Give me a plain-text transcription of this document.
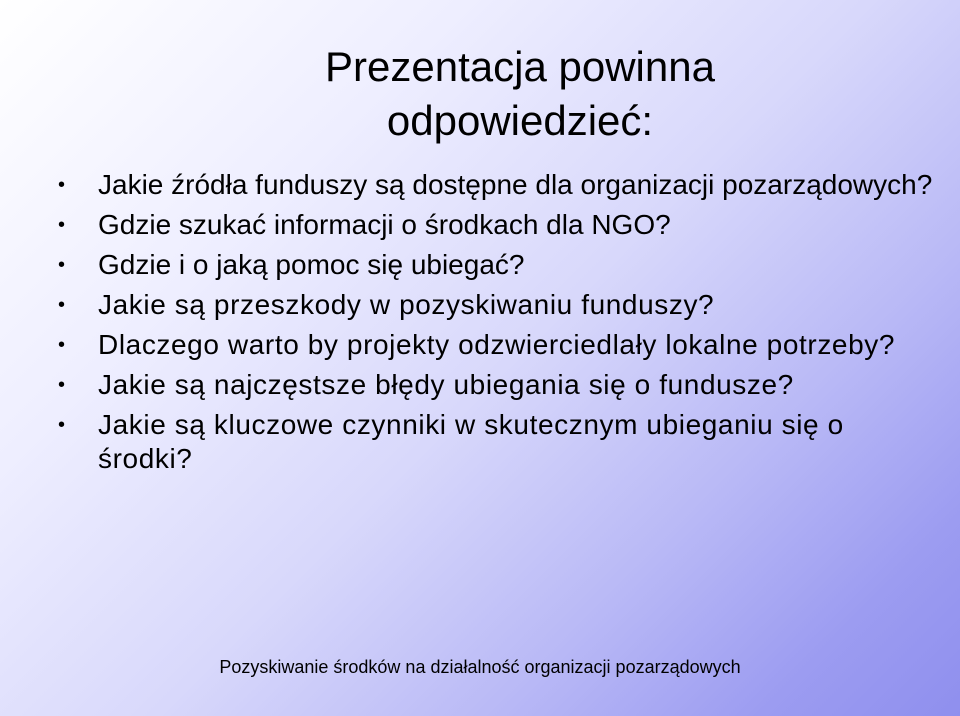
Prezentacja powinna
odpowiedzieć:
• Jakie źródła funduszy są dostępne dla organizacji pozarządowych?
• Gdzie szukać informacji o środkach dla NGO?
• Gdzie i o jaką pomoc się ubiegać?
• Jakie są przeszkody w pozyskiwaniu funduszy?
• Dlaczego warto by projekty odzwierciedlały lokalne potrzeby?
• Jakie są najczęstsze błędy ubiegania się o fundusze?
• Jakie są kluczowe czynniki w skutecznym ubieganiu się o środki?
Pozyskiwanie środków na działalność organizacji pozarządowych
